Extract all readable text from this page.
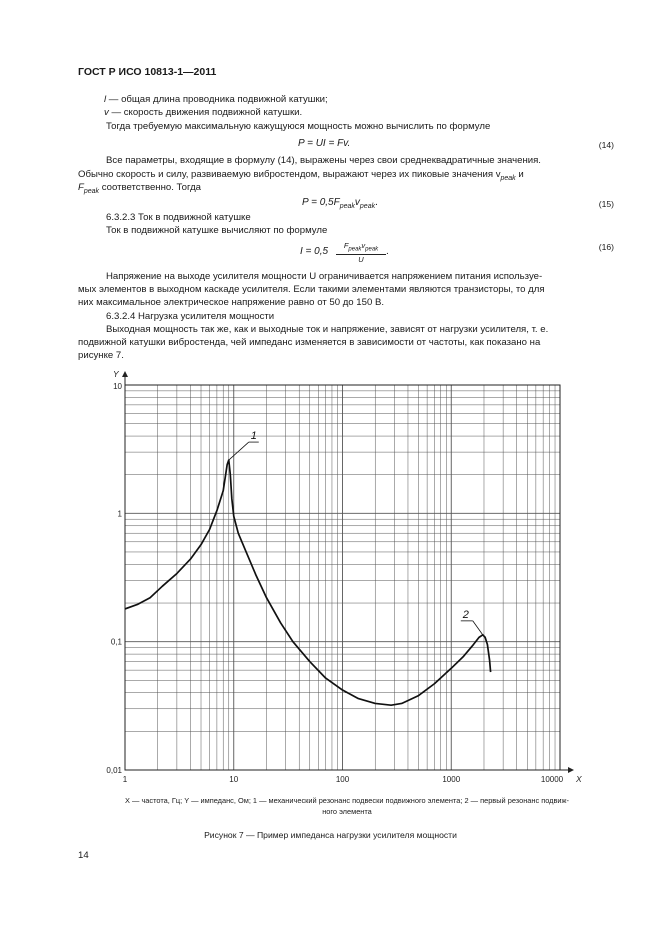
ГОСТ Р ИСО 10813-1—2011
l — общая длина проводника подвижной катушки;
v — скорость движения подвижной катушки.
Тогда требуемую максимальную кажущуюся мощность можно вычислить по формуле
P = UI = Fv.	(14)
Все параметры, входящие в формулу (14), выражены через свои среднеквадратичные значения.
Обычно скорость и силу, развиваемую вибростендом, выражают через их пиковые значения $v_{peak}$ и
$F_{peak}$ соответственно. Тогда
$P = 0,5F_{peak}v_{peak}$.	(15)
6.3.2.3 Ток в подвижной катушке
Ток в подвижной катушке вычисляют по формуле
I = 0,5
$F_{peak}v_{peak}$
U
.	(16)
Напряжение на выходе усилителя мощности U ограничивается напряжением питания используе-
мых элементов в выходном каскаде усилителя. Если такими элементами являются транзисторы, то для
них максимальное электрическое напряжение равно от 50 до 150 В.
6.3.2.4 Нагрузка усилителя мощности
Выходная мощность так же, как и выходные ток и напряжение, зависят от нагрузки усилителя, т. е.
подвижной катушки вибростенда, чей импеданс изменяется в зависимости от частоты, как показано на
рисунке 7.
1	10	100	1000	10000
10
1
0,1
0,01
X
Y
1
2
X — частота, Гц; Y — импеданс, Ом; 1 — механический резонанс подвески подвижного элемента; 2 — первый резонанс подвиж-
ного элемента
Рисунок 7 — Пример импеданса нагрузки усилителя мощности
14
